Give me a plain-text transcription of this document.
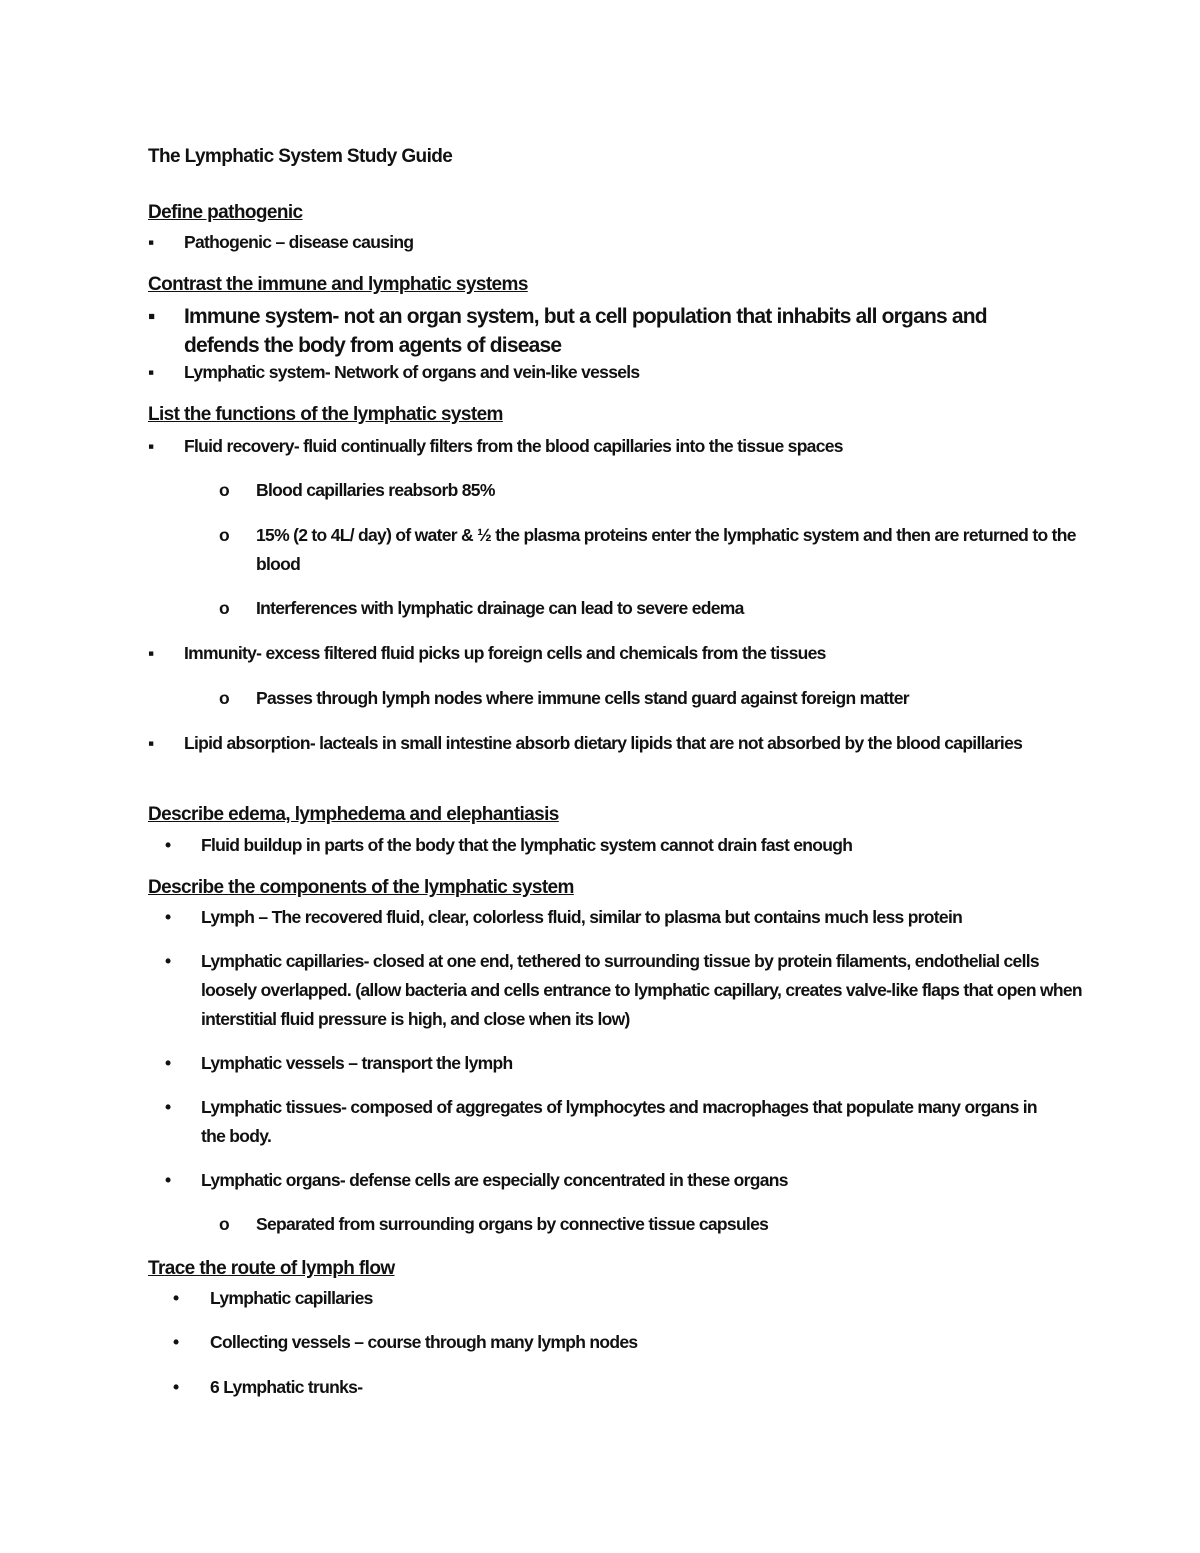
The Lymphatic System Study Guide
Define pathogenic
▪	Pathogenic – disease causing
Contrast the immune and lymphatic systems
▪	Immune system- not an organ system, but a cell population that inhabits all organs and defends the body from agents of disease
▪	Lymphatic system- Network of organs and vein-like vessels
List the functions of the lymphatic system
▪	Fluid recovery- fluid continually filters from the blood capillaries into the tissue spaces
o	Blood capillaries reabsorb 85%
o	15% (2 to 4L/ day) of water & ½ the plasma proteins enter the lymphatic system and then are returned to the blood
o	Interferences with lymphatic drainage can lead to severe edema
▪	Immunity- excess filtered fluid picks up foreign cells and chemicals from the tissues
o	Passes through lymph nodes where immune cells stand guard against foreign matter
▪	Lipid absorption- lacteals in small intestine absorb dietary lipids that are not absorbed by the blood capillaries
Describe edema, lymphedema and elephantiasis
•	Fluid buildup in parts of the body that the lymphatic system cannot drain fast enough
Describe the components of the lymphatic system
•	Lymph – The recovered fluid, clear, colorless fluid, similar to plasma but contains much less protein
•	Lymphatic capillaries- closed at one end, tethered to surrounding tissue by protein filaments, endothelial cells loosely overlapped. (allow bacteria and cells entrance to lymphatic capillary, creates valve-like flaps that open when interstitial fluid pressure is high, and close when its low)
•	Lymphatic vessels – transport the lymph
•	Lymphatic tissues- composed of aggregates of lymphocytes and macrophages that populate many organs in the body.
•	Lymphatic organs- defense cells are especially concentrated in these organs
o	Separated from surrounding organs by connective tissue capsules
Trace the route of lymph flow
•	Lymphatic capillaries
•	Collecting vessels – course through many lymph nodes
•	6 Lymphatic trunks-
